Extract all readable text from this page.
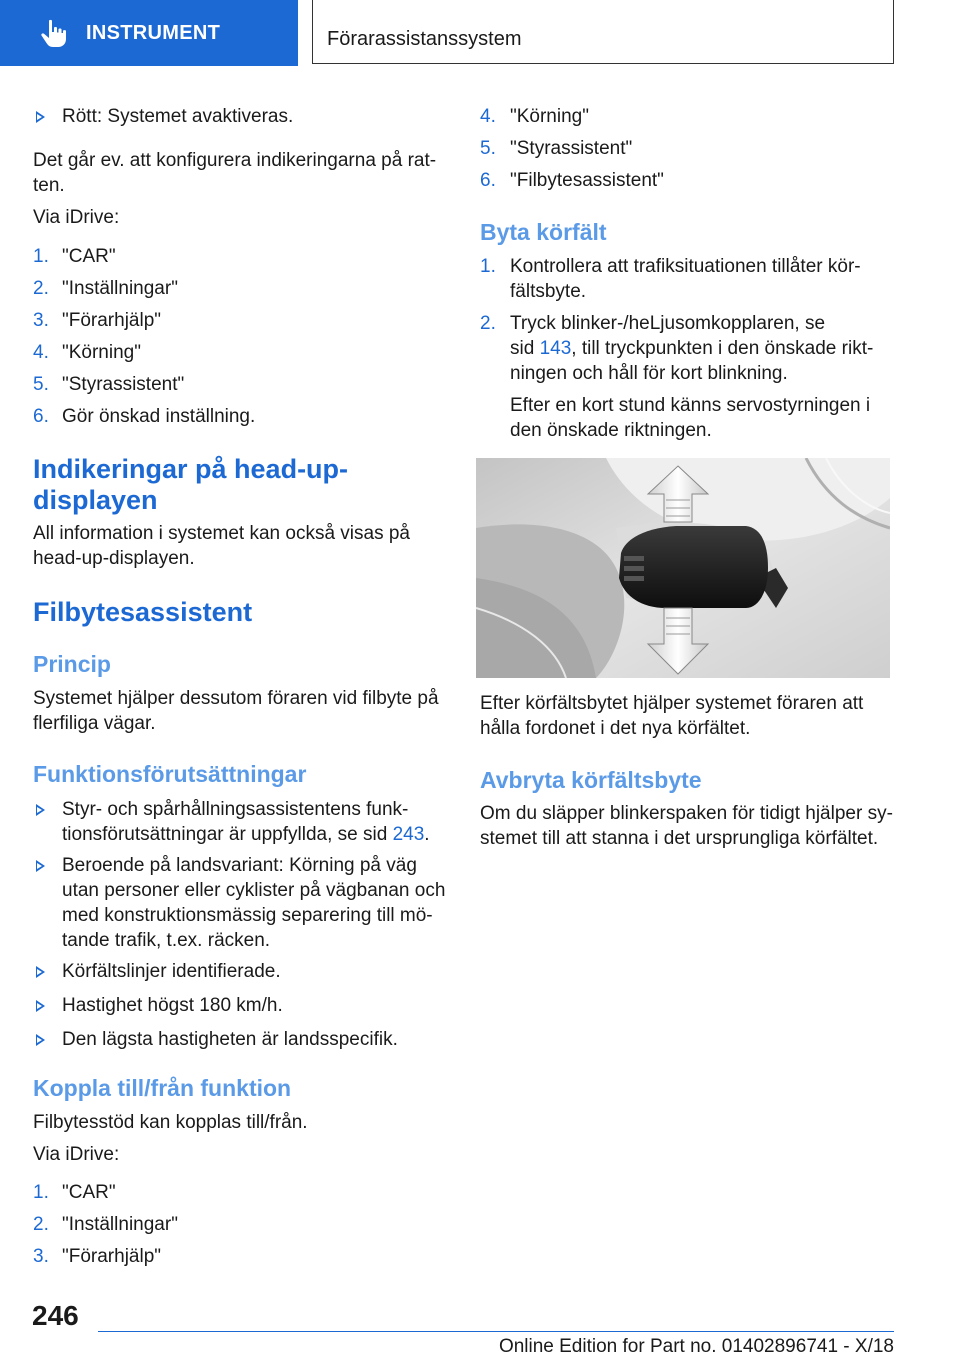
INSTRUMENT	Förarassistanssystem
Rött: Systemet avaktiveras.
Det går ev. att konfigurera indikeringarna på rat-
ten.
Via iDrive:
1. "CAR"
2. "Inställningar"
3. "Förarhjälp"
4. "Körning"
5. "Styrassistent"
6. Gör önskad inställning.
Indikeringar på head-up-
displayen
All information i systemet kan också visas på
head-up-displayen.
Filbytesassistent
Princip
Systemet hjälper dessutom föraren vid filbyte på
flerfiliga vägar.
Funktionsförutsättningar
Styr- och spårhållningsassistentens funk-
tionsförutsättningar är uppfyllda, se sid 243.
Beroende på landsvariant: Körning på väg
utan personer eller cyklister på vägbanan och
med konstruktionsmässig separering till mö-
tande trafik, t.ex. räcken.
Körfältslinjer identifierade.
Hastighet högst 180 km/h.
Den lägsta hastigheten är landsspecifik.
Koppla till/från funktion
Filbytesstöd kan kopplas till/från.
Via iDrive:
1. "CAR"
2. "Inställningar"
3. "Förarhjälp"
4. "Körning"
5. "Styrassistent"
6. "Filbytesassistent"
Byta körfält
1. Kontrollera att trafiksituationen tillåter kör-
fältsbyte.
2. Tryck blinker-/heLjusomkopplaren, se
sid 143, till tryckpunkten i den önskade rikt-
ningen och håll för kort blinkning.
Efter en kort stund känns servostyrningen i
den önskade riktningen.
Efter körfältsbytet hjälper systemet föraren att
hålla fordonet i det nya körfältet.
Avbryta körfältsbyte
Om du släpper blinkerspaken för tidigt hjälper sy-
stemet till att stanna i det ursprungliga körfältet.
246
Online Edition for Part no. 01402896741 - X/18
